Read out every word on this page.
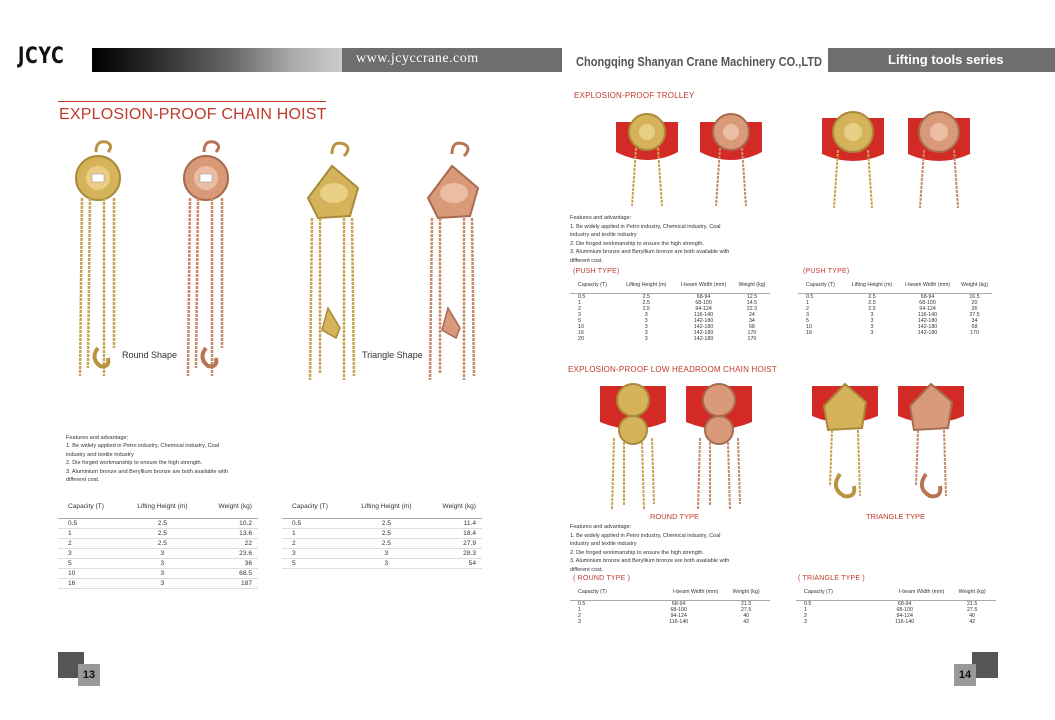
JCYC	www.jcyccrane.com	Chongqing Shanyan Crane Machinery CO.,LTD	Lifting tools series
EXPLOSION-PROOF CHAIN HOIST
Round Shape	Triangle Shape
Features and advantage:
1. Be widely applied in Petro industry, Chemical industry, Coal
industry and textile industry
2. Die forged workmanship to ensure the high strength.
3. Aluminium bronze and Beryllium bronze are both available with
different cost.
Capacity (T)	Lifting Height (m)	Weight (kg)
0.5	2.5	10.2
1	2.5	13.6
2	2.5	22
3	3	23.6
5	3	36
10	3	68.5
16	3	187
Capacity (T)	Lifting Height (m)	Weight (kg)
0.5	2.5	11.4
1	2.5	18.4
2	2.5	27.9
3	3	28.3
5	3	54
13
EXPLOSION-PROOF TROLLEY
Features and advantage:
1. Be widely applied in Petro industry, Chemical industry, Coal
industry and textile industry
2. Die forged workmanship to ensure the high strength.
3. Aluminium bronze and Beryllium bronze are both available with
different cost.
(PUSH TYPE)	(PUSH TYPE)
Capacity (T)	Lifting Height (m)	I-beam Width (mm)	Weight (kg)
0.5	2.5	68-94	12.5
1	2.5	68-100	14.5
2	2.5	94-124	22.3
3	3	116-140	24
5	3	142-180	34
10	3	142-180	68
16	3	142-180	170
20	3	142-180	170
Capacity (T)	Lifting Height (m)	I-beam Width (mm)	Weight (kg)
0.5	2.5	68-94	16.5
1	2.5	68-100	20
2	2.5	94-124	26
3	3	116-140	27.5
5	3	142-180	34
10	3	142-180	68
16	3	142-180	170
EXPLOSION-PROOF LOW HEADROOM CHAIN HOIST
ROUND TYPE	TRIANGLE TYPE
Features and advantage:
1. Be widely applied in Petro industry, Chemical industry, Coal
industry and textile industry
2. Die forged workmanship to ensure the high strength.
3. Aluminium bronze and Beryllium bronze are both available with
different cost.
( ROUND TYPE )	( TRIANGLE TYPE )
Capacity (T)	I-beam Width (mm)	Weight (kg)
0.5	68-94	21.5
1	68-100	27.5
2	94-124	40
3	116-140	42
Capacity (T)	I-beam Width (mm)	Weight (kg)
0.5	68-94	21.5
1	68-100	27.5
2	94-124	40
3	116-140	42
14
